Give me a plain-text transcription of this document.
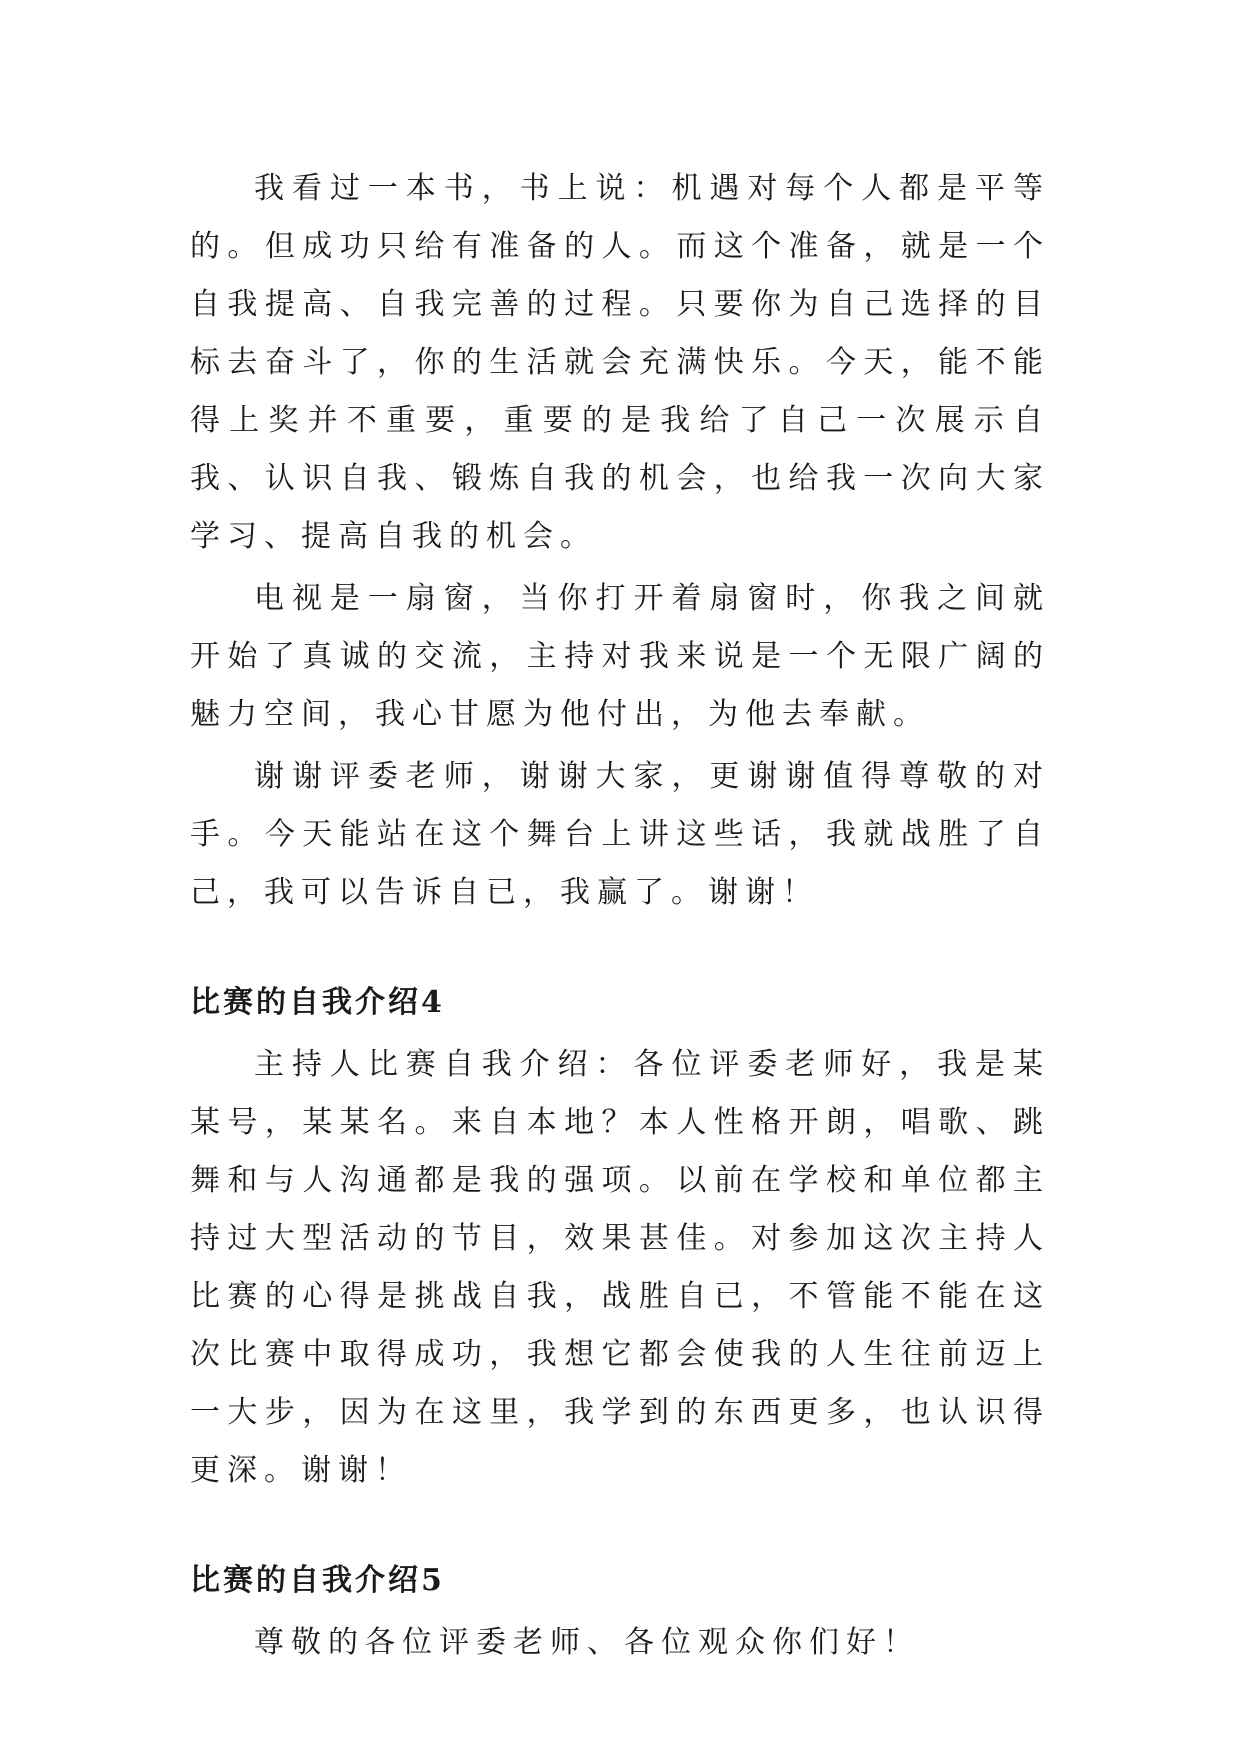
我看过一本书，书上说：机遇对每个人都是平等的。但成功只给有准备的人。而这个准备，就是一个自我提高、自我完善的过程。只要你为自己选择的目标去奋斗了，你的生活就会充满快乐。今天，能不能得上奖并不重要，重要的是我给了自己一次展示自我、认识自我、锻炼自我的机会，也给我一次向大家学习、提高自我的机会。

电视是一扇窗，当你打开着扇窗时，你我之间就开始了真诚的交流，主持对我来说是一个无限广阔的魅力空间，我心甘愿为他付出，为他去奉献。

谢谢评委老师，谢谢大家，更谢谢值得尊敬的对手。今天能站在这个舞台上讲这些话，我就战胜了自己，我可以告诉自已，我赢了。谢谢！

比赛的自我介绍4

主持人比赛自我介绍：各位评委老师好，我是某某号，某某名。来自本地？本人性格开朗，唱歌、跳舞和与人沟通都是我的强项。以前在学校和单位都主持过大型活动的节目，效果甚佳。对参加这次主持人比赛的心得是挑战自我，战胜自已，不管能不能在这次比赛中取得成功，我想它都会使我的人生往前迈上一大步，因为在这里，我学到的东西更多，也认识得更深。谢谢！

比赛的自我介绍5

尊敬的各位评委老师、各位观众你们好！
